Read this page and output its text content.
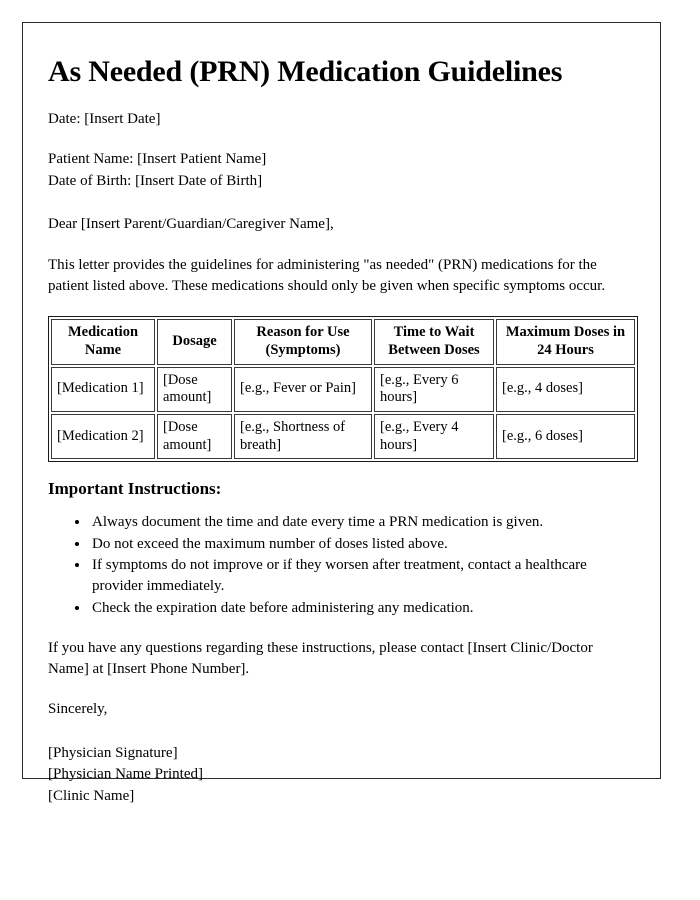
As Needed (PRN) Medication Guidelines

Date: [Insert Date]

Patient Name: [Insert Patient Name]
Date of Birth: [Insert Date of Birth]

Dear [Insert Parent/Guardian/Caregiver Name],

This letter provides the guidelines for administering "as needed" (PRN) medications for the patient listed above. These medications should only be given when specific symptoms occur.

Medication Name	Dosage	Reason for Use (Symptoms)	Time to Wait Between Doses	Maximum Doses in 24 Hours
[Medication 1]	[Dose amount]	[e.g., Fever or Pain]	[e.g., Every 6 hours]	[e.g., 4 doses]
[Medication 2]	[Dose amount]	[e.g., Shortness of breath]	[e.g., Every 4 hours]	[e.g., 6 doses]
Important Instructions:
• Always document the time and date every time a PRN medication is given.
• Do not exceed the maximum number of doses listed above.
• If symptoms do not improve or if they worsen after treatment, contact a healthcare provider immediately.
• Check the expiration date before administering any medication.

If you have any questions regarding these instructions, please contact [Insert Clinic/Doctor Name] at [Insert Phone Number].

Sincerely,

[Physician Signature]
[Physician Name Printed]
[Clinic Name]
